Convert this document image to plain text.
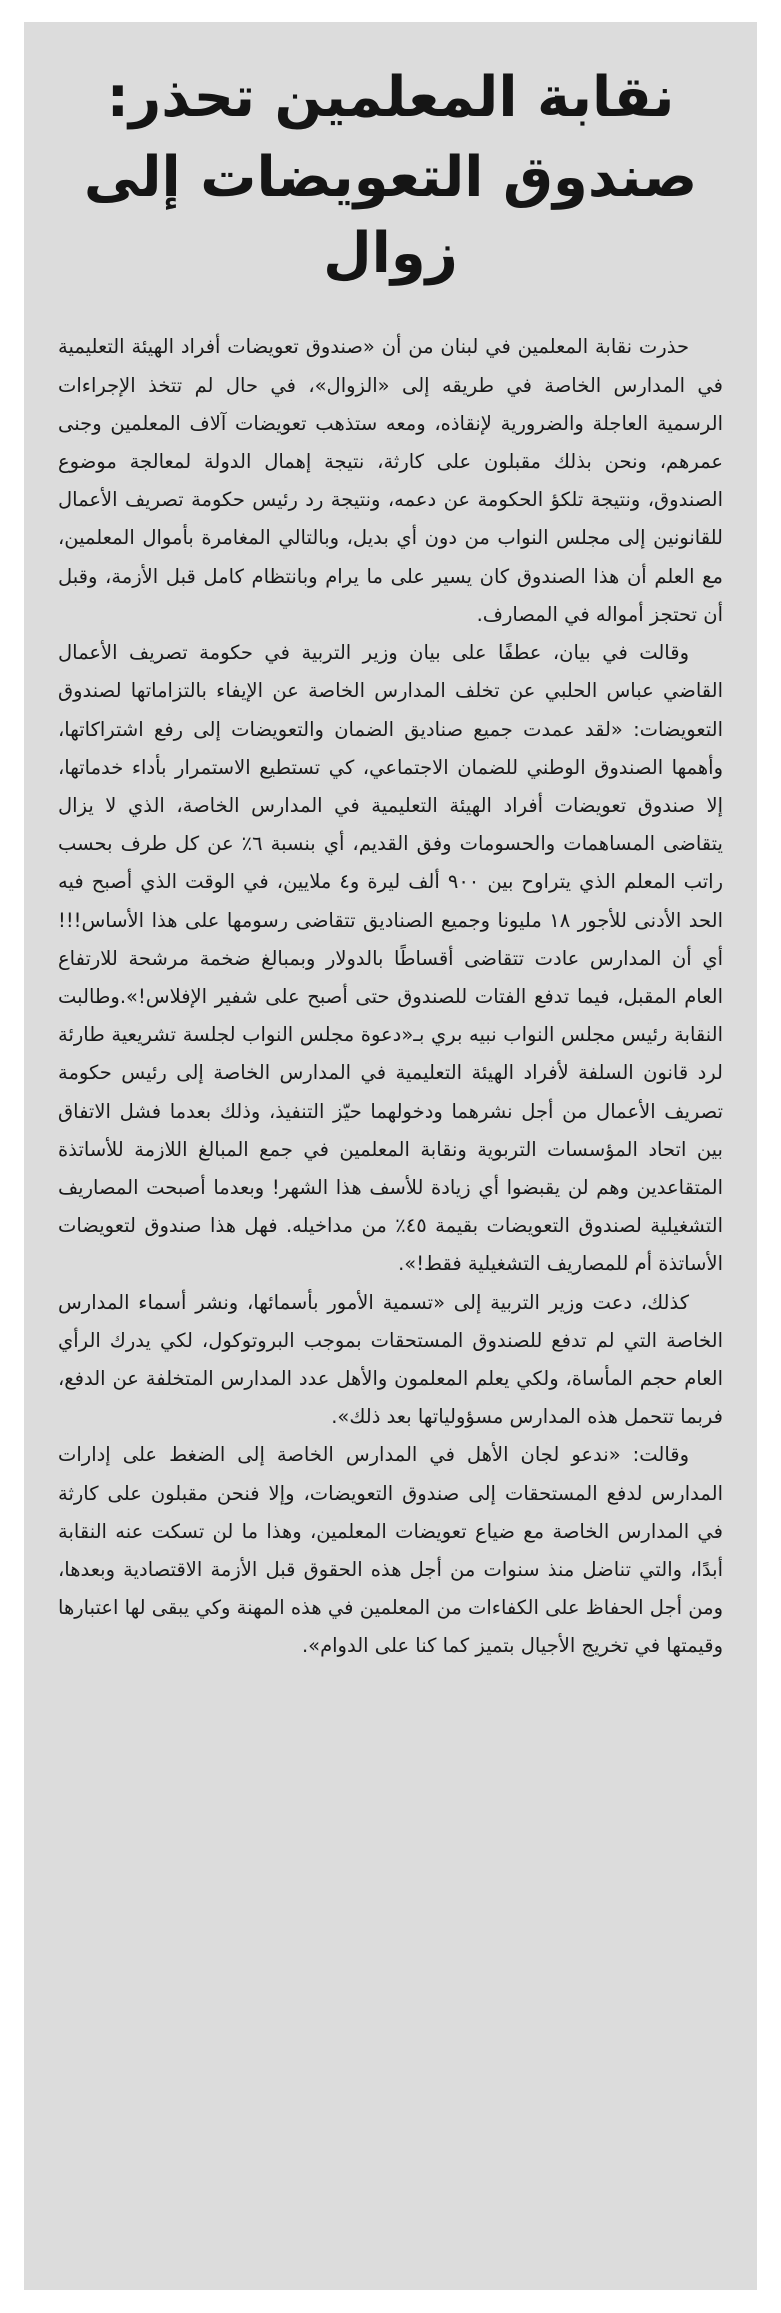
نقابة المعلمين تحذر:
صندوق التعويضات إلى زوال

حذرت نقابة المعلمين في لبنان من أن «صندوق تعويضات أفراد الهيئة التعليمية في المدارس الخاصة في طريقه إلى «الزوال»، في حال لم تتخذ الإجراءات الرسمية العاجلة والضرورية لإنقاذه، ومعه ستذهب تعويضات آلاف المعلمين وجنى عمرهم، ونحن بذلك مقبلون على كارثة، نتيجة إهمال الدولة لمعالجة موضوع الصندوق، ونتيجة تلكؤ الحكومة عن دعمه، ونتيجة رد رئيس حكومة تصريف الأعمال للقانونين إلى مجلس النواب من دون أي بديل، وبالتالي المغامرة بأموال المعلمين، مع العلم أن هذا الصندوق كان يسير على ما يرام وبانتظام كامل قبل الأزمة، وقبل أن تحتجز أمواله في المصارف.

وقالت في بيان، عطفًا على بيان وزير التربية في حكومة تصريف الأعمال القاضي عباس الحلبي عن تخلف المدارس الخاصة عن الإيفاء بالتزاماتها لصندوق التعويضات: «لقد عمدت جميع صناديق الضمان والتعويضات إلى رفع اشتراكاتها، وأهمها الصندوق الوطني للضمان الاجتماعي، كي تستطيع الاستمرار بأداء خدماتها، إلا صندوق تعويضات أفراد الهيئة التعليمية في المدارس الخاصة، الذي لا يزال يتقاضى المساهمات والحسومات وفق القديم، أي بنسبة ٦٪ عن كل طرف بحسب راتب المعلم الذي يتراوح بين ٩٠٠ ألف ليرة و٤ ملايين، في الوقت الذي أصبح فيه الحد الأدنى للأجور ١٨ مليونا وجميع الصناديق تتقاضى رسومها على هذا الأساس!!! أي أن المدارس عادت تتقاضى أقساطًا بالدولار وبمبالغ ضخمة مرشحة للارتفاع العام المقبل، فيما تدفع الفتات للصندوق حتى أصبح على شفير الإفلاس!».وطالبت النقابة رئيس مجلس النواب نبيه بري بـ«دعوة مجلس النواب لجلسة تشريعية طارئة لرد قانون السلفة لأفراد الهيئة التعليمية في المدارس الخاصة إلى رئيس حكومة تصريف الأعمال من أجل نشرهما ودخولهما حيّز التنفيذ، وذلك بعدما فشل الاتفاق بين اتحاد المؤسسات التربوية ونقابة المعلمين في جمع المبالغ اللازمة للأساتذة المتقاعدين وهم لن يقبضوا أي زيادة للأسف هذا الشهر! وبعدما أصبحت المصاريف التشغيلية لصندوق التعويضات بقيمة ٤٥٪ من مداخيله. فهل هذا صندوق لتعويضات الأساتذة أم للمصاريف التشغيلية فقط!».

كذلك، دعت وزير التربية إلى «تسمية الأمور بأسمائها، ونشر أسماء المدارس الخاصة التي لم تدفع للصندوق المستحقات بموجب البروتوكول، لكي يدرك الرأي العام حجم المأساة، ولكي يعلم المعلمون والأهل عدد المدارس المتخلفة عن الدفع، فربما تتحمل هذه المدارس مسؤولياتها بعد ذلك».

وقالت: «ندعو لجان الأهل في المدارس الخاصة إلى الضغط على إدارات المدارس لدفع المستحقات إلى صندوق التعويضات، وإلا فنحن مقبلون على كارثة في المدارس الخاصة مع ضياع تعويضات المعلمين، وهذا ما لن تسكت عنه النقابة أبدًا، والتي تناضل منذ سنوات من أجل هذه الحقوق قبل الأزمة الاقتصادية وبعدها، ومن أجل الحفاظ على الكفاءات من المعلمين في هذه المهنة وكي يبقى لها اعتبارها وقيمتها في تخريج الأجيال بتميز كما كنا على الدوام».
